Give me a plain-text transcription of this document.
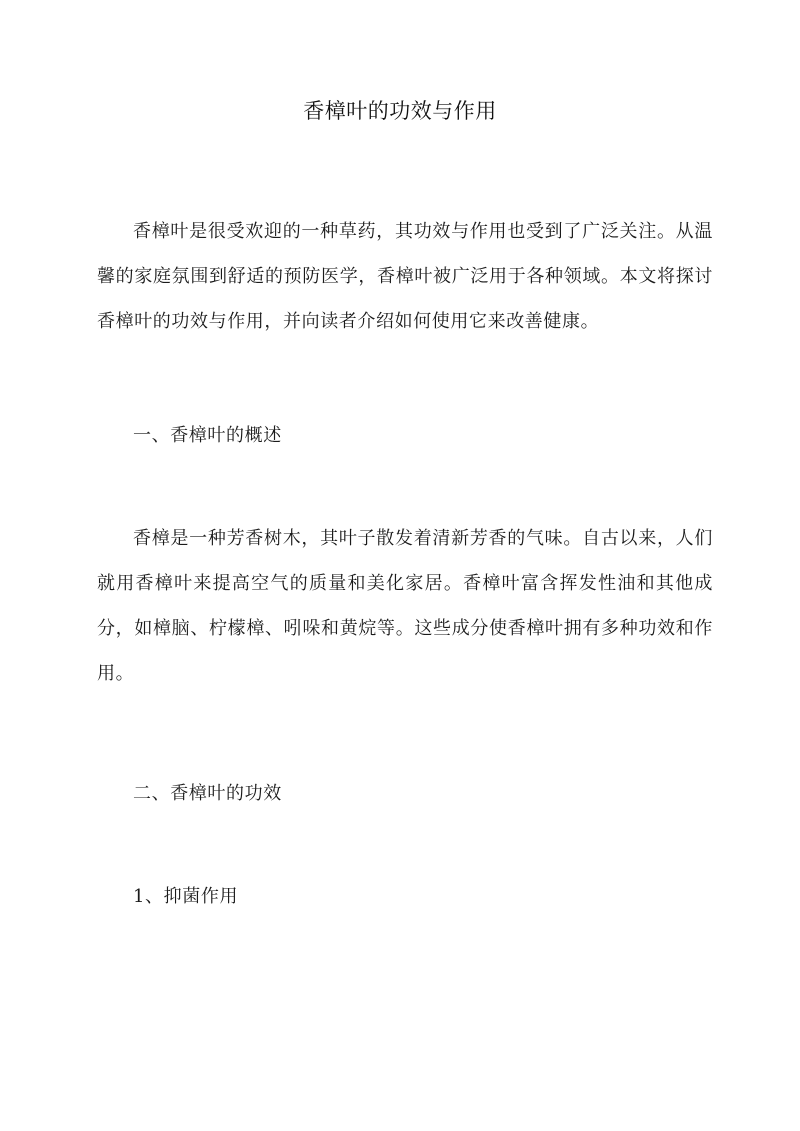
香樟叶的功效与作用

香樟叶是很受欢迎的一种草药，其功效与作用也受到了广泛关注。从温馨的家庭氛围到舒适的预防医学，香樟叶被广泛用于各种领域。本文将探讨香樟叶的功效与作用，并向读者介绍如何使用它来改善健康。

一、香樟叶的概述

香樟是一种芳香树木，其叶子散发着清新芳香的气味。自古以来，人们就用香樟叶来提高空气的质量和美化家居。香樟叶富含挥发性油和其他成分，如樟脑、柠檬樟、吲哚和黄烷等。这些成分使香樟叶拥有多种功效和作用。

二、香樟叶的功效

1、抑菌作用
